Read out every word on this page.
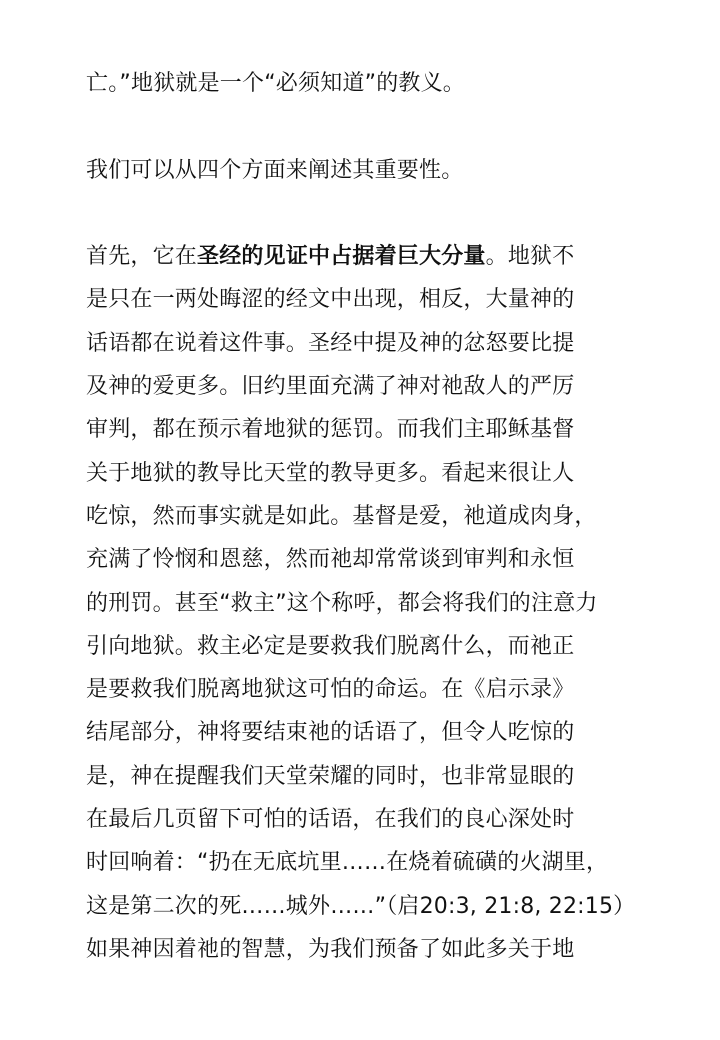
亡。”地狱就是一个“必须知道”的教义。
我们可以从四个方面来阐述其重要性。
首先，它在圣经的见证中占据着巨大分量。地狱不
是只在一两处晦涩的经文中出现，相反，大量神的
话语都在说着这件事。圣经中提及神的忿怒要比提
及神的爱更多。旧约里面充满了神对祂敌人的严厉
审判，都在预示着地狱的惩罚。而我们主耶稣基督
关于地狱的教导比天堂的教导更多。看起来很让人
吃惊，然而事实就是如此。基督是爱，祂道成肉身，
充满了怜悯和恩慈，然而祂却常常谈到审判和永恒
的刑罚。甚至“救主”这个称呼，都会将我们的注意力
引向地狱。救主必定是要救我们脱离什么，而祂正
是要救我们脱离地狱这可怕的命运。在《启示录》
结尾部分，神将要结束祂的话语了，但令人吃惊的
是，神在提醒我们天堂荣耀的同时，也非常显眼的
在最后几页留下可怕的话语，在我们的良心深处时
时回响着：“扔在无底坑里……在烧着硫磺的火湖里，
这是第二次的死……城外……”（启20:3, 21:8, 22:15）
如果神因着祂的智慧，为我们预备了如此多关于地
